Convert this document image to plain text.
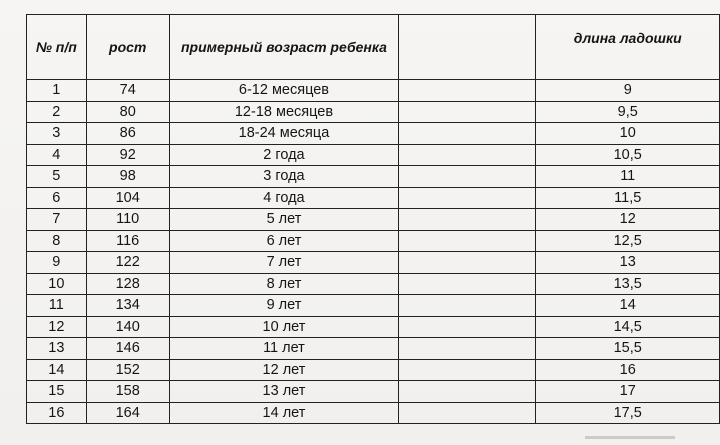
№ п/п	рост	примерный возраст ребенка		длина ладошки
1	74	6-12 месяцев		9
2	80	12-18 месяцев		9,5
3	86	18-24 месяца		10
4	92	2 года		10,5
5	98	3 года		11
6	104	4 года		11,5
7	110	5 лет		12
8	116	6 лет		12,5
9	122	7 лет		13
10	128	8 лет		13,5
11	134	9 лет		14
12	140	10 лет		14,5
13	146	11 лет		15,5
14	152	12 лет		16
15	158	13 лет		17
16	164	14 лет		17,5
